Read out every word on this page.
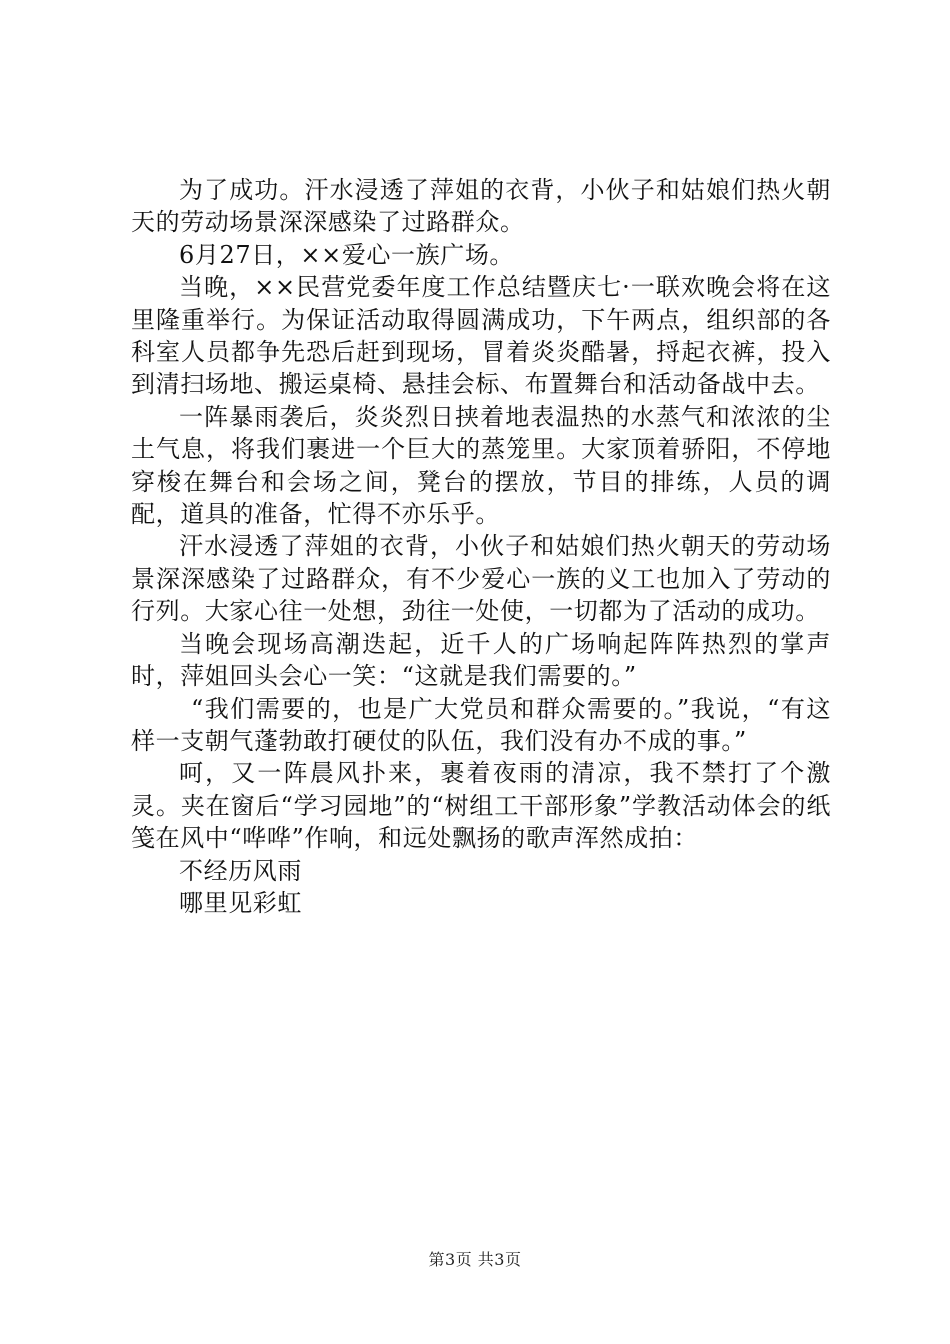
为了成功。汗水浸透了萍姐的衣背，小伙子和姑娘们热火朝天的劳动场景深深感染了过路群众。

6月27日，××爱心一族广场。

当晚，××民营党委年度工作总结暨庆七·一联欢晚会将在这里隆重举行。为保证活动取得圆满成功，下午两点，组织部的各科室人员都争先恐后赶到现场，冒着炎炎酷暑，捋起衣裤，投入到清扫场地、搬运桌椅、悬挂会标、布置舞台和活动备战中去。

一阵暴雨袭后，炎炎烈日挟着地表温热的水蒸气和浓浓的尘土气息，将我们裹进一个巨大的蒸笼里。大家顶着骄阳，不停地穿梭在舞台和会场之间，凳台的摆放，节目的排练，人员的调配，道具的准备，忙得不亦乐乎。

汗水浸透了萍姐的衣背，小伙子和姑娘们热火朝天的劳动场景深深感染了过路群众，有不少爱心一族的义工也加入了劳动的行列。大家心往一处想，劲往一处使，一切都为了活动的成功。

当晚会现场高潮迭起，近千人的广场响起阵阵热烈的掌声时，萍姐回头会心一笑：“这就是我们需要的。”

“我们需要的，也是广大党员和群众需要的。”我说，“有这样一支朝气蓬勃敢打硬仗的队伍，我们没有办不成的事。”

呵，又一阵晨风扑来，裹着夜雨的清凉，我不禁打了个激灵。夹在窗后“学习园地”的“树组工干部形象”学教活动体会的纸笺在风中“哗哗”作响，和远处飘扬的歌声浑然成拍：

不经历风雨

哪里见彩虹

第3页 共3页
